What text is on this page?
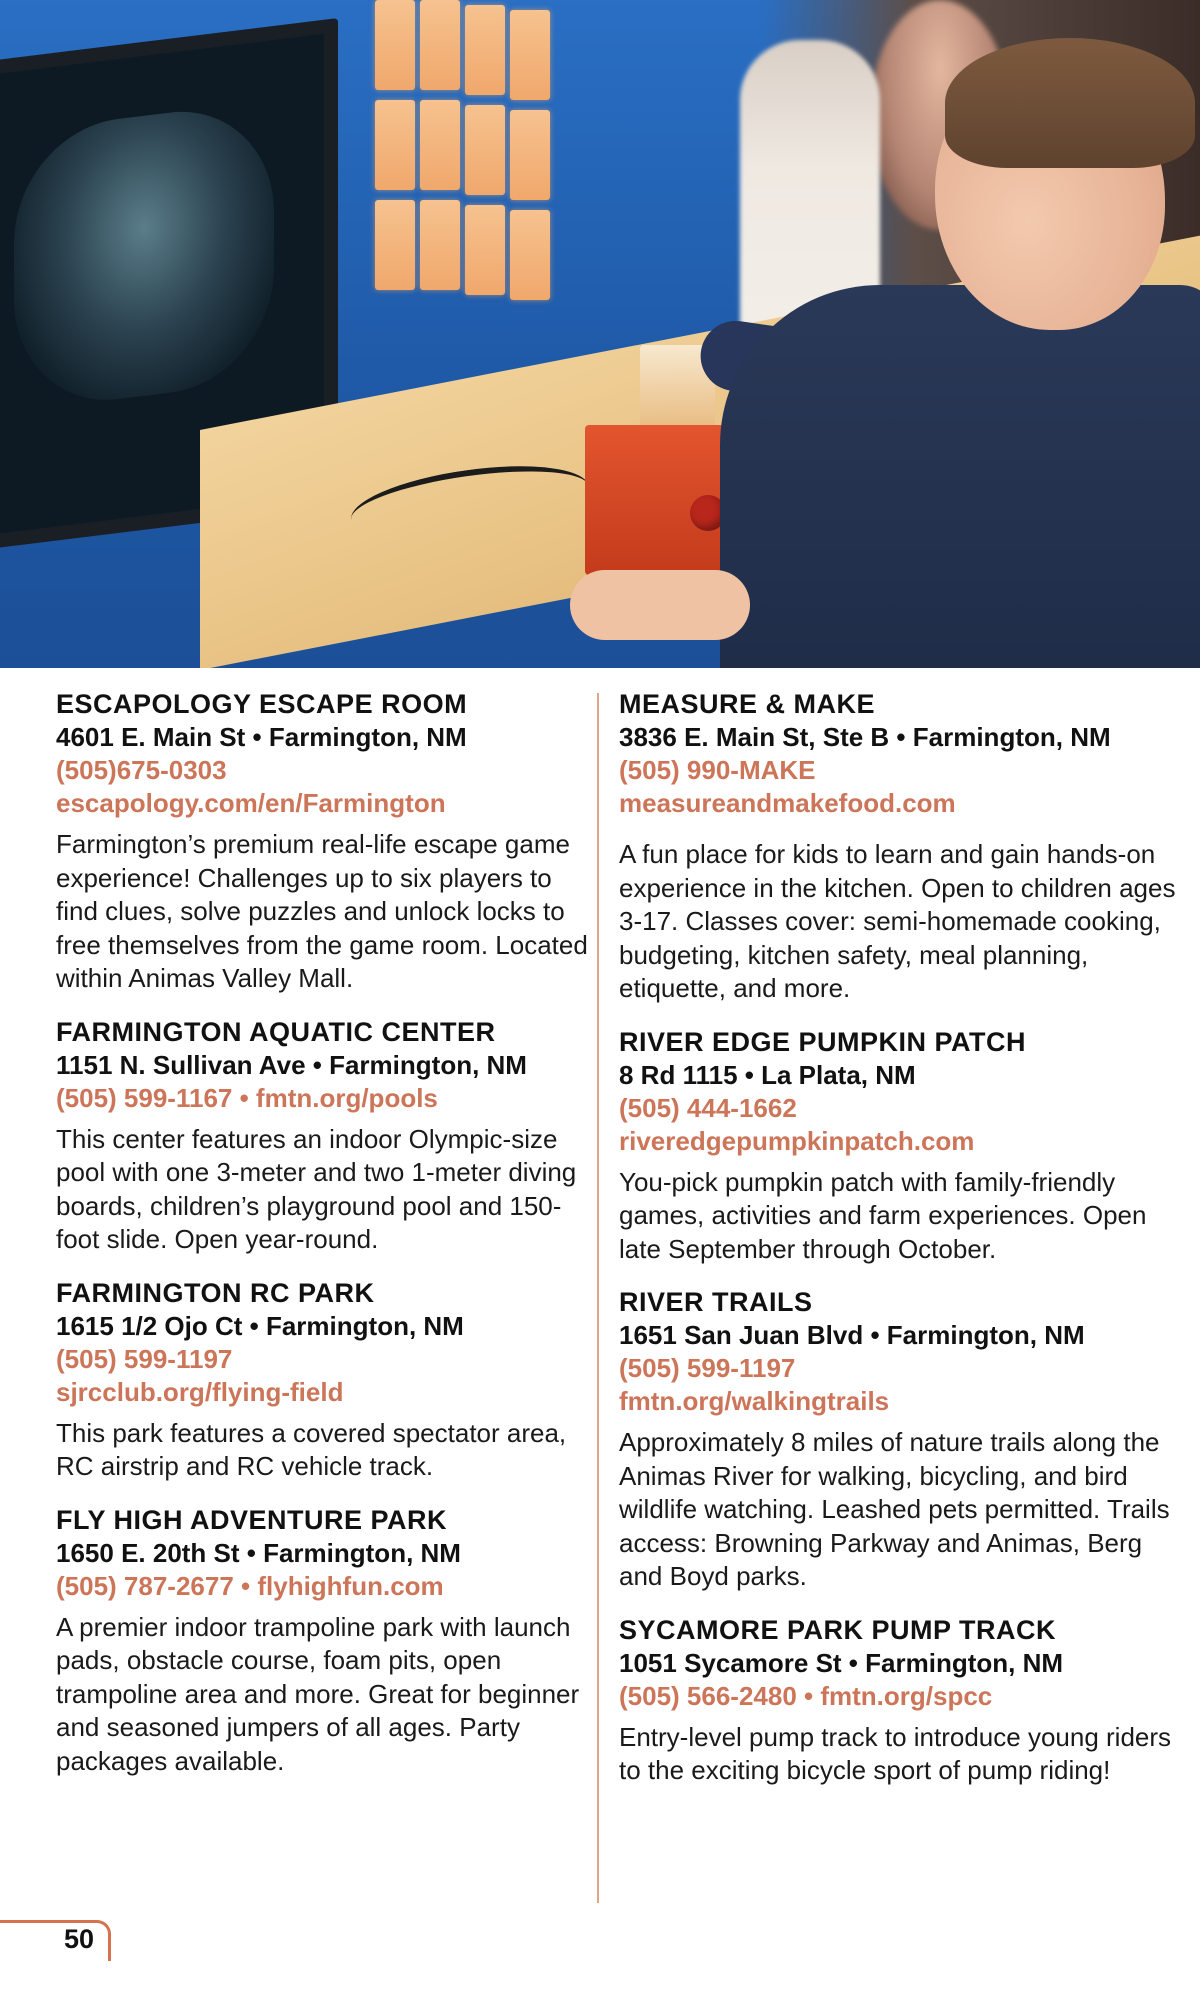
ESCAPOLOGY ESCAPE ROOM

4601 E. Main St • Farmington, NM

(505)675-0303

escapology.com/en/Farmington

Farmington’s premium real-life escape game experience! Challenges up to six players to find clues, solve puzzles and unlock locks to free themselves from the game room. Located within Animas Valley Mall.

FARMINGTON AQUATIC CENTER

1151 N. Sullivan Ave • Farmington, NM

(505) 599-1167 • fmtn.org/pools

This center features an indoor Olympic-size pool with one 3-meter and two 1-meter diving boards, children’s playground pool and 150-foot slide. Open year-round.

FARMINGTON RC PARK

1615 1/2 Ojo Ct • Farmington, NM

(505) 599-1197

sjrcclub.org/flying-field

This park features a covered spectator area, RC airstrip and RC vehicle track.

FLY HIGH ADVENTURE PARK

1650 E. 20th St • Farmington, NM

(505) 787-2677 • flyhighfun.com

A premier indoor trampoline park with launch pads, obstacle course, foam pits, open trampoline area and more. Great for beginner and seasoned jumpers of all ages. Party packages available.

MEASURE & MAKE

3836 E. Main St, Ste B • Farmington, NM

(505) 990-MAKE

measureandmakefood.com

A fun place for kids to learn and gain hands-on experience in the kitchen. Open to children ages 3-17. Classes cover: semi-homemade cooking, budgeting, kitchen safety, meal planning, etiquette, and more.

RIVER EDGE PUMPKIN PATCH

8 Rd 1115 • La Plata, NM

(505) 444-1662

riveredgepumpkinpatch.com

You-pick pumpkin patch with family-friendly games, activities and farm experiences. Open late September through October.

RIVER TRAILS

1651 San Juan Blvd • Farmington, NM

(505) 599-1197

fmtn.org/walkingtrails

Approximately 8 miles of nature trails along the Animas River for walking, bicycling, and bird wildlife watching. Leashed pets permitted. Trails access: Browning Parkway and Animas, Berg and Boyd parks.

SYCAMORE PARK PUMP TRACK

1051 Sycamore St • Farmington, NM

(505) 566-2480 • fmtn.org/spcc

Entry-level pump track to introduce young riders to the exciting bicycle sport of pump riding!

50
